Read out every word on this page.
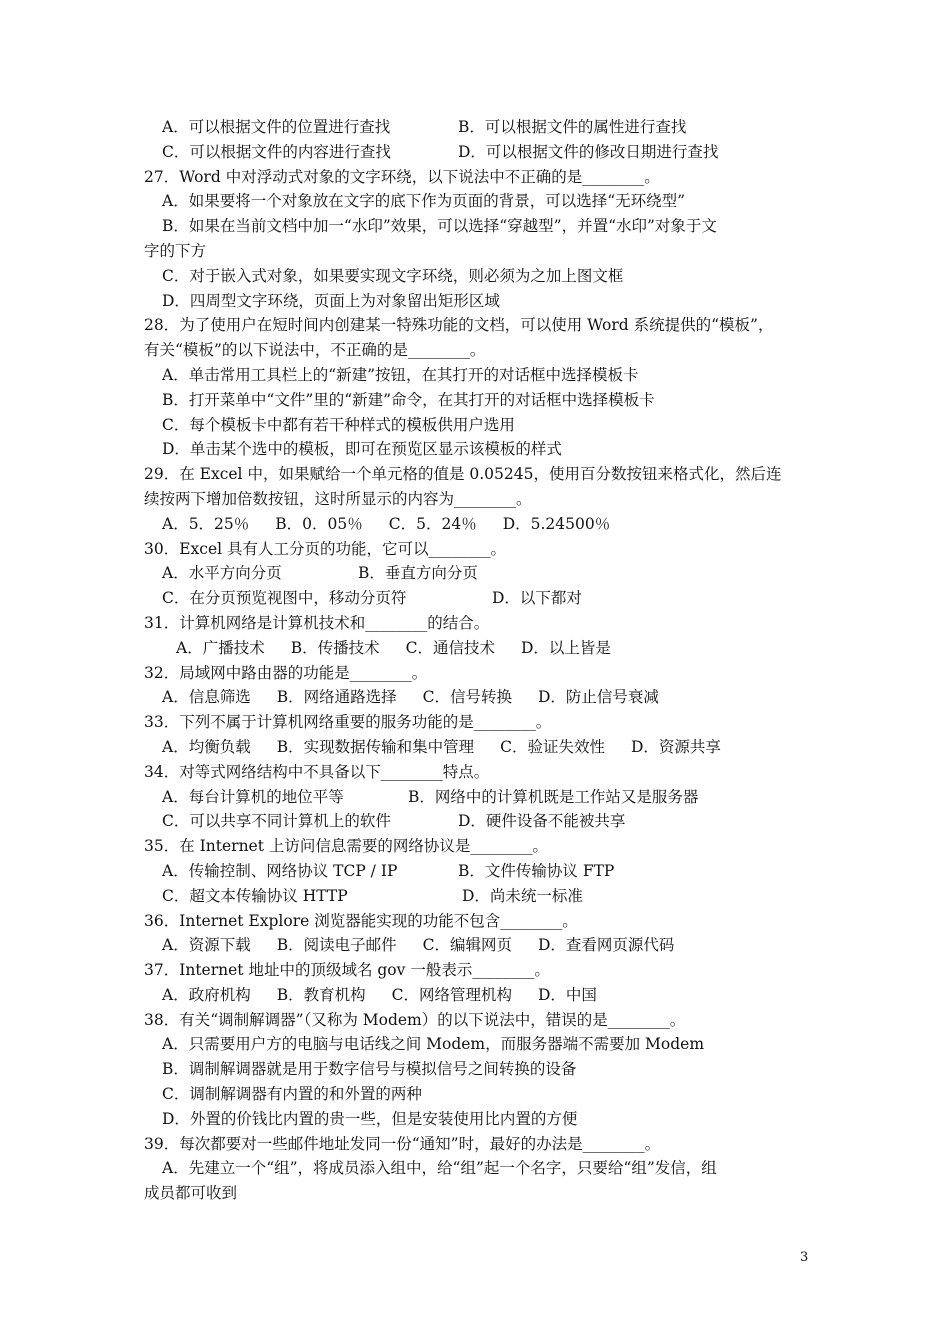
A．可以根据文件的位置进行查找	B．可以根据文件的属性进行查找
C．可以根据文件的内容进行查找	D．可以根据文件的修改日期进行查找
27．Word 中对浮动式对象的文字环绕，以下说法中不正确的是________。
A．如果要将一个对象放在文字的底下作为页面的背景，可以选择“无环绕型”
B．如果在当前文档中加一“水印”效果，可以选择“穿越型”，并置“水印”对象于文
字的下方
C．对于嵌入式对象，如果要实现文字环绕，则必须为之加上图文框
D．四周型文字环绕，页面上为对象留出矩形区域
28．为了使用户在短时间内创建某一特殊功能的文档，可以使用 Word 系统提供的“模板”，
有关“模板”的以下说法中，不正确的是________。
A．单击常用工具栏上的“新建”按钮，在其打开的对话框中选择模板卡
B．打开菜单中“文件”里的“新建”命令，在其打开的对话框中选择模板卡
C．每个模板卡中都有若干种样式的模板供用户选用
D．单击某个选中的模板，即可在预览区显示该模板的样式
29．在 Excel 中，如果赋给一个单元格的值是 0.05245，使用百分数按钮来格式化，然后连
续按两下增加倍数按钮，这时所显示的内容为________。
A．5．25％ B．0．05％ C．5．24％ D．5.24500％
30．Excel 具有人工分页的功能，它可以________。
A．水平方向分页	B．垂直方向分页
C．在分页预览视图中，移动分页符	D．以下都对
31．计算机网络是计算机技术和________的结合。
A．广播技术 B．传播技术 C．通信技术 D．以上皆是
32．局域网中路由器的功能是________。
A．信息筛选 B．网络通路选择 C．信号转换 D．防止信号衰减
33．下列不属于计算机网络重要的服务功能的是________。
A．均衡负载 B．实现数据传输和集中管理 C．验证失效性 D．资源共享
34．对等式网络结构中不具备以下________特点。
A．每台计算机的地位平等	B．网络中的计算机既是工作站又是服务器
C．可以共享不同计算机上的软件	D．硬件设备不能被共享
35．在 Internet 上访问信息需要的网络协议是________。
A．传输控制、网络协议 TCP / IP	B．文件传输协议 FTP
C．超文本传输协议 HTTP	D．尚未统一标准
36．Internet Explore 浏览器能实现的功能不包含________。
A．资源下载 B．阅读电子邮件 C．编辑网页 D．查看网页源代码
37．Internet 地址中的顶级域名 gov 一般表示________。
A．政府机构 B．教育机构 C．网络管理机构 D．中国
38．有关“调制解调器”（又称为 Modem）的以下说法中，错误的是________。
A．只需要用户方的电脑与电话线之间 Modem，而服务器端不需要加 Modem
B．调制解调器就是用于数字信号与模拟信号之间转换的设备
C．调制解调器有内置的和外置的两种
D．外置的价钱比内置的贵一些，但是安装使用比内置的方便
39．每次都要对一些邮件地址发同一份“通知”时，最好的办法是________。
A．先建立一个“组”，将成员添入组中，给“组”起一个名字，只要给“组”发信，组
成员都可收到
3
